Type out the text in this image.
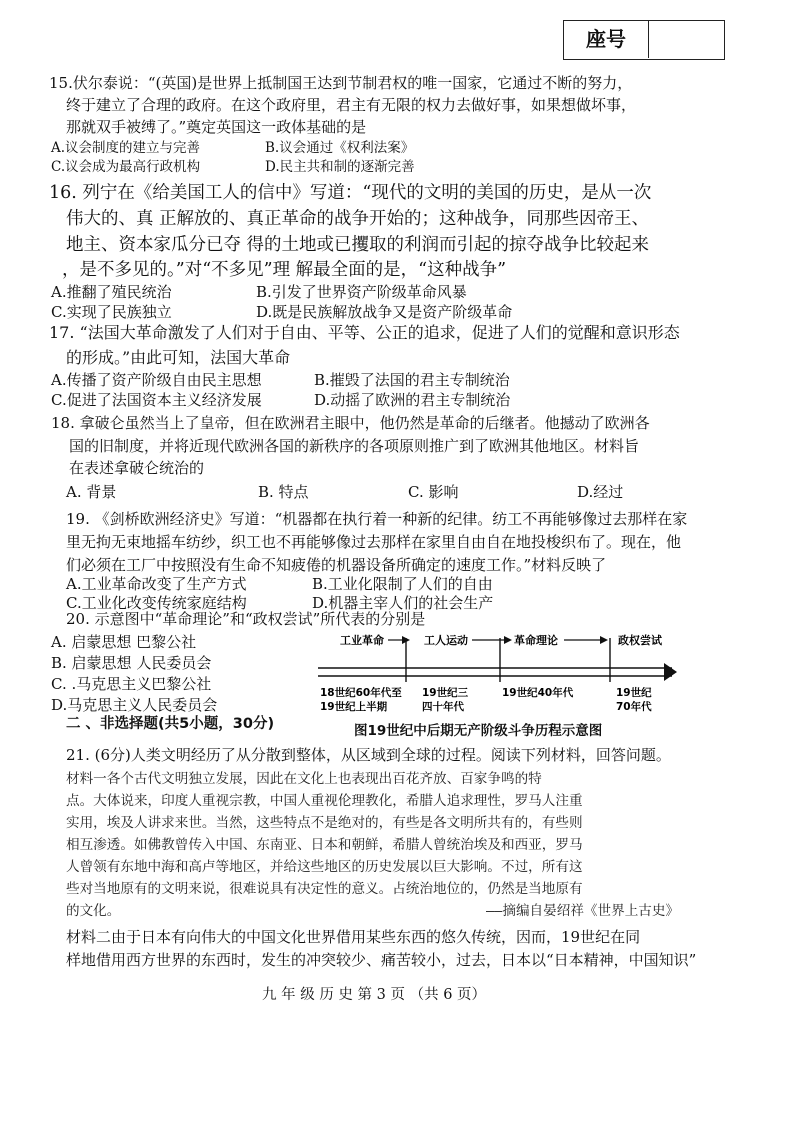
座号
15.伏尔泰说：“(英国)是世界上抵制国王达到节制君权的唯一国家，它通过不断的努力，
终于建立了合理的政府。在这个政府里，君主有无限的权力去做好事，如果想做坏事，
那就双手被缚了。”奠定英国这一政体基础的是
A.议会制度的建立与完善	B.议会通过《权利法案》
C.议会成为最高行政机构	D.民主共和制的逐渐完善
16. 列宁在《给美国工人的信中》写道：“现代的文明的美国的历史，是从一次
伟大的、真 正解放的、真正革命的战争开始的；这种战争，同那些因帝王、
地主、资本家瓜分已夺 得的土地或已攫取的利润而引起的掠夺战争比较起来
，是不多见的。”对“不多见”理 解最全面的是，“这种战争”
A.推翻了殖民统治	B.引发了世界资产阶级革命风暴
C.实现了民族独立	D.既是民族解放战争又是资产阶级革命
17. “法国大革命激发了人们对于自由、平等、公正的追求，促进了人们的觉醒和意识形态
的形成。”由此可知，法国大革命
A.传播了资产阶级自由民主思想	B.摧毁了法国的君主专制统治
C.促进了法国资本主义经济发展	D.动摇了欧洲的君主专制统治
18. 拿破仑虽然当上了皇帝，但在欧洲君主眼中，他仍然是革命的后继者。他撼动了欧洲各
国的旧制度，并将近现代欧洲各国的新秩序的各项原则推广到了欧洲其他地区。材料旨
在表述拿破仑统治的
A. 背景	B. 特点	C. 影响	D.经过
19. 《剑桥欧洲经济史》写道：“机器都在执行着一种新的纪律。纺工不再能够像过去那样在家
里无拘无束地摇车纺纱，织工也不再能够像过去那样在家里自由自在地投梭织布了。现在，他
们必须在工厂中按照没有生命不知疲倦的机器设备所确定的速度工作。”材料反映了
A.工业革命改变了生产方式	B.工业化限制了人们的自由
C.工业化改变传统家庭结构	D.机器主宰人们的社会生产
20. 示意图中“革命理论”和“政权尝试”所代表的分别是
A. 启蒙思想 巴黎公社
B. 启蒙思想 人民委员会
C. .马克思主义巴黎公社
D.马克思主义人民委员会
工业革命	工人运动	革命理论	政权尝试
18世纪60年代至
19世纪上半期
19世纪三
四十年代
19世纪40年代	19世纪
70年代
图19世纪中后期无产阶级斗争历程示意图
二 、非选择题(共5小题，30分)
21. (6分)人类文明经历了从分散到整体，从区域到全球的过程。阅读下列材料，回答问题。
材料一各个古代文明独立发展，因此在文化上也表现出百花齐放、百家争鸣的特
点。大体说来，印度人重视宗教，中国人重视伦理教化，希腊人追求理性，罗马人注重
实用，埃及人讲求来世。当然，这些特点不是绝对的，有些是各文明所共有的，有些则
相互渗透。如佛教曾传入中国、东南亚、日本和朝鲜，希腊人曾统治埃及和西亚，罗马
人曾领有东地中海和高卢等地区，并给这些地区的历史发展以巨大影响。不过，所有这
些对当地原有的文明来说，很难说具有决定性的意义。占统治地位的，仍然是当地原有
的文化。	——摘编自晏绍祥《世界上古史》
材料二由于日本有向伟大的中国文化世界借用某些东西的悠久传统，因而，19世纪在同
样地借用西方世界的东西时，发生的冲突较少、痛苦较小，过去，日本以“日本精神，中国知识”
九 年 级 历 史 第 3 页 （共 6 页）
